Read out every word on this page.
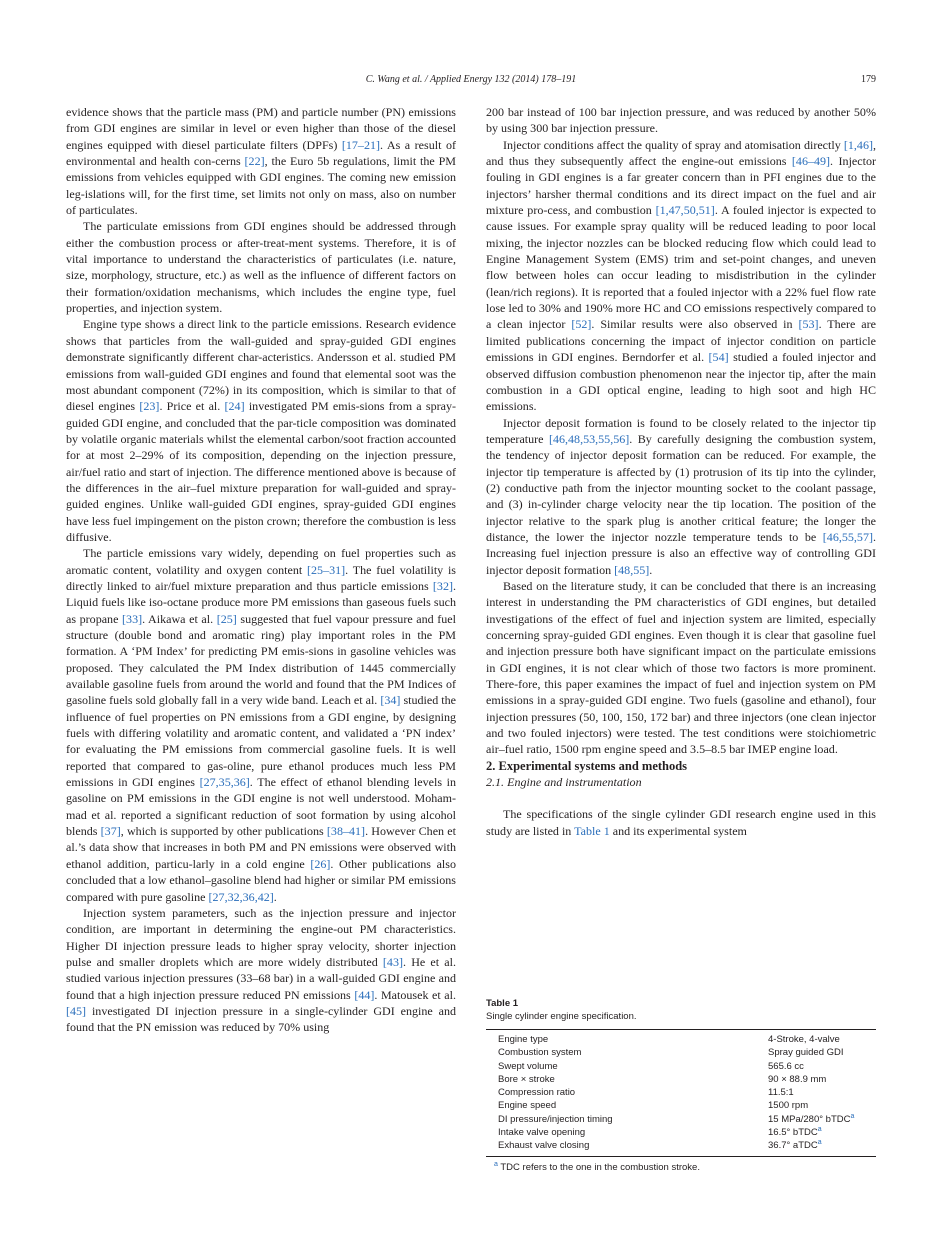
C. Wang et al. / Applied Energy 132 (2014) 178–191	179

evidence shows that the particle mass (PM) and particle number (PN) emissions from GDI engines are similar in level or even higher than those of the diesel engines equipped with diesel particulate filters (DPFs) [17–21]. As a result of environmental and health con-cerns [22], the Euro 5b regulations, limit the PM emissions from vehicles equipped with GDI engines. The coming new emission leg-islations will, for the first time, set limits not only on mass, also on number of particulates.

The particulate emissions from GDI engines should be addressed through either the combustion process or after-treat-ment systems. Therefore, it is of vital importance to understand the characteristics of particulates (i.e. nature, size, morphology, structure, etc.) as well as the influence of different factors on their formation/oxidation mechanisms, which includes the engine type, fuel properties, and injection system.

Engine type shows a direct link to the particle emissions. Research evidence shows that particles from the wall-guided and spray-guided GDI engines demonstrate significantly different char-acteristics. Andersson et al. studied PM emissions from wall-guided GDI engines and found that elemental soot was the most abundant component (72%) in its composition, which is similar to that of diesel engines [23]. Price et al. [24] investigated PM emis-sions from a spray-guided GDI engine, and concluded that the par-ticle composition was dominated by volatile organic materials whilst the elemental carbon/soot fraction accounted for at most 2–29% of its composition, depending on the injection pressure, air/fuel ratio and start of injection. The difference mentioned above is because of the differences in the air–fuel mixture preparation for wall-guided and spray-guided engines. Unlike wall-guided GDI engines, spray-guided GDI engines have less fuel impingement on the piston crown; therefore the combustion is less diffusive.

The particle emissions vary widely, depending on fuel properties such as aromatic content, volatility and oxygen content [25–31]. The fuel volatility is directly linked to air/fuel mixture preparation and thus particle emissions [32]. Liquid fuels like iso-octane produce more PM emissions than gaseous fuels such as propane [33]. Aikawa et al. [25] suggested that fuel vapour pressure and fuel structure (double bond and aromatic ring) play important roles in the PM formation. A ‘PM Index’ for predicting PM emis-sions in gasoline vehicles was proposed. They calculated the PM Index distribution of 1445 commercially available gasoline fuels from around the world and found that the PM Indices of gasoline fuels sold globally fall in a very wide band. Leach et al. [34] studied the influence of fuel properties on PN emissions from a GDI engine, by designing fuels with differing volatility and aromatic content, and validated a ‘PN index’ for evaluating the PM emissions from commercial gasoline fuels. It is well reported that compared to gas-oline, pure ethanol produces much less PM emissions in GDI engines [27,35,36]. The effect of ethanol blending levels in gasoline on PM emissions in the GDI engine is not well understood. Moham-mad et al. reported a significant reduction of soot formation by using alcohol blends [37], which is supported by other publications [38–41]. However Chen et al.’s data show that increases in both PM and PN emissions were observed with ethanol addition, particu-larly in a cold engine [26]. Other publications also concluded that a low ethanol–gasoline blend had higher or similar PM emissions compared with pure gasoline [27,32,36,42].

Injection system parameters, such as the injection pressure and injector condition, are important in determining the engine-out PM characteristics. Higher DI injection pressure leads to higher spray velocity, shorter injection pulse and smaller droplets which are more widely distributed [43]. He et al. studied various injection pressures (33–68 bar) in a wall-guided GDI engine and found that a high injection pressure reduced PN emissions [44]. Matousek et al. [45] investigated DI injection pressure in a single-cylinder GDI engine and found that the PN emission was reduced by 70% using

200 bar instead of 100 bar injection pressure, and was reduced by another 50% by using 300 bar injection pressure.

Injector conditions affect the quality of spray and atomisation directly [1,46], and thus they subsequently affect the engine-out emissions [46–49]. Injector fouling in GDI engines is a far greater concern than in PFI engines due to the injectors’ harsher thermal conditions and its direct impact on the fuel and air mixture pro-cess, and combustion [1,47,50,51]. A fouled injector is expected to cause issues. For example spray quality will be reduced leading to poor local mixing, the injector nozzles can be blocked reducing flow which could lead to Engine Management System (EMS) trim and set-point changes, and uneven flow between holes can occur leading to misdistribution in the cylinder (lean/rich regions). It is reported that a fouled injector with a 22% fuel flow rate lose led to 30% and 190% more HC and CO emissions respectively compared to a clean injector [52]. Similar results were also observed in [53]. There are limited publications concerning the impact of injector condition on particle emissions in GDI engines. Berndorfer et al. [54] studied a fouled injector and observed diffusion combustion phenomenon near the injector tip, after the main combustion in a GDI optical engine, leading to high soot and high HC emissions.

Injector deposit formation is found to be closely related to the injector tip temperature [46,48,53,55,56]. By carefully designing the combustion system, the tendency of injector deposit formation can be reduced. For example, the injector tip temperature is affected by (1) protrusion of its tip into the cylinder, (2) conductive path from the injector mounting socket to the coolant passage, and (3) in-cylinder charge velocity near the tip location. The position of the injector relative to the spark plug is another critical feature; the longer the distance, the lower the injector nozzle temperature tends to be [46,55,57]. Increasing fuel injection pressure is also an effective way of controlling GDI injector deposit formation [48,55].

Based on the literature study, it can be concluded that there is an increasing interest in understanding the PM characteristics of GDI engines, but detailed investigations of the effect of fuel and injection system are limited, especially concerning spray-guided GDI engines. Even though it is clear that gasoline fuel and injection pressure both have significant impact on the particulate emissions in GDI engines, it is not clear which of those two factors is more prominent. There-fore, this paper examines the impact of fuel and injection system on PM emissions in a spray-guided GDI engine. Two fuels (gasoline and ethanol), four injection pressures (50, 100, 150, 172 bar) and three injectors (one clean injector and two fouled injectors) were tested. The test conditions were stoichiometric air–fuel ratio, 1500 rpm engine speed and 3.5–8.5 bar IMEP engine load.

2. Experimental systems and methods

2.1. Engine and instrumentation

The specifications of the single cylinder GDI research engine used in this study are listed in Table 1 and its experimental system

Table 1
Single cylinder engine specification.
Engine type	4-Stroke, 4-valve
Combustion system	Spray guided GDI
Swept volume	565.6 cc
Bore × stroke	90 × 88.9 mm
Compression ratio	11.5:1
Engine speed	1500 rpm
DI pressure/injection timing	15 MPa/280° bTDC$^a$
Intake valve opening	16.5° bTDC$^a$
Exhaust valve closing	36.7° aTDC$^a$
$^a$ TDC refers to the one in the combustion stroke.
